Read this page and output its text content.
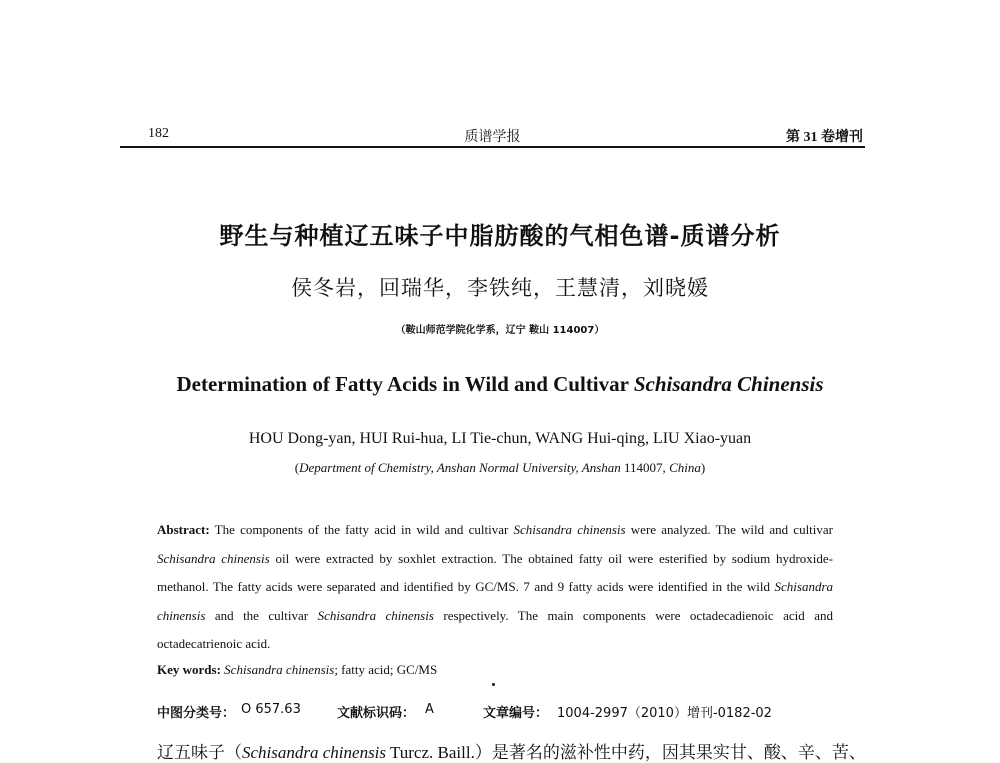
182	质谱学报	第 31 卷增刊
野生与种植辽五味子中脂肪酸的气相色谱-质谱分析
侯冬岩，回瑞华，李铁纯，王慧清，刘晓媛
（鞍山师范学院化学系，辽宁 鞍山 114007）
Determination of Fatty Acids in Wild and Cultivar Schisandra Chinensis
HOU Dong-yan, HUI Rui-hua, LI Tie-chun, WANG Hui-qing, LIU Xiao-yuan
(Department of Chemistry, Anshan Normal University, Anshan 114007, China)
Abstract: The components of the fatty acid in wild and cultivar Schisandra chinensis were analyzed. The wild and cultivar Schisandra chinensis oil were extracted by soxhlet extraction. The obtained fatty oil were esterified by sodium hydroxide-methanol. The fatty acids were separated and identified by GC/MS. 7 and 9 fatty acids were identified in the wild Schisandra chinensis and the cultivar Schisandra chinensis respectively. The main components were octadecadienoic acid and octadecatrienoic acid.
Key words: Schisandra chinensis; fatty acid; GC/MS
中图分类号： O 657.63	文献标识码： A	文章编号： 1004-2997（2010）增刊-0182-02
辽五味子（Schisandra chinensis Turcz. Baill.）是著名的滋补性中药，因其果实甘、酸、辛、苦、
